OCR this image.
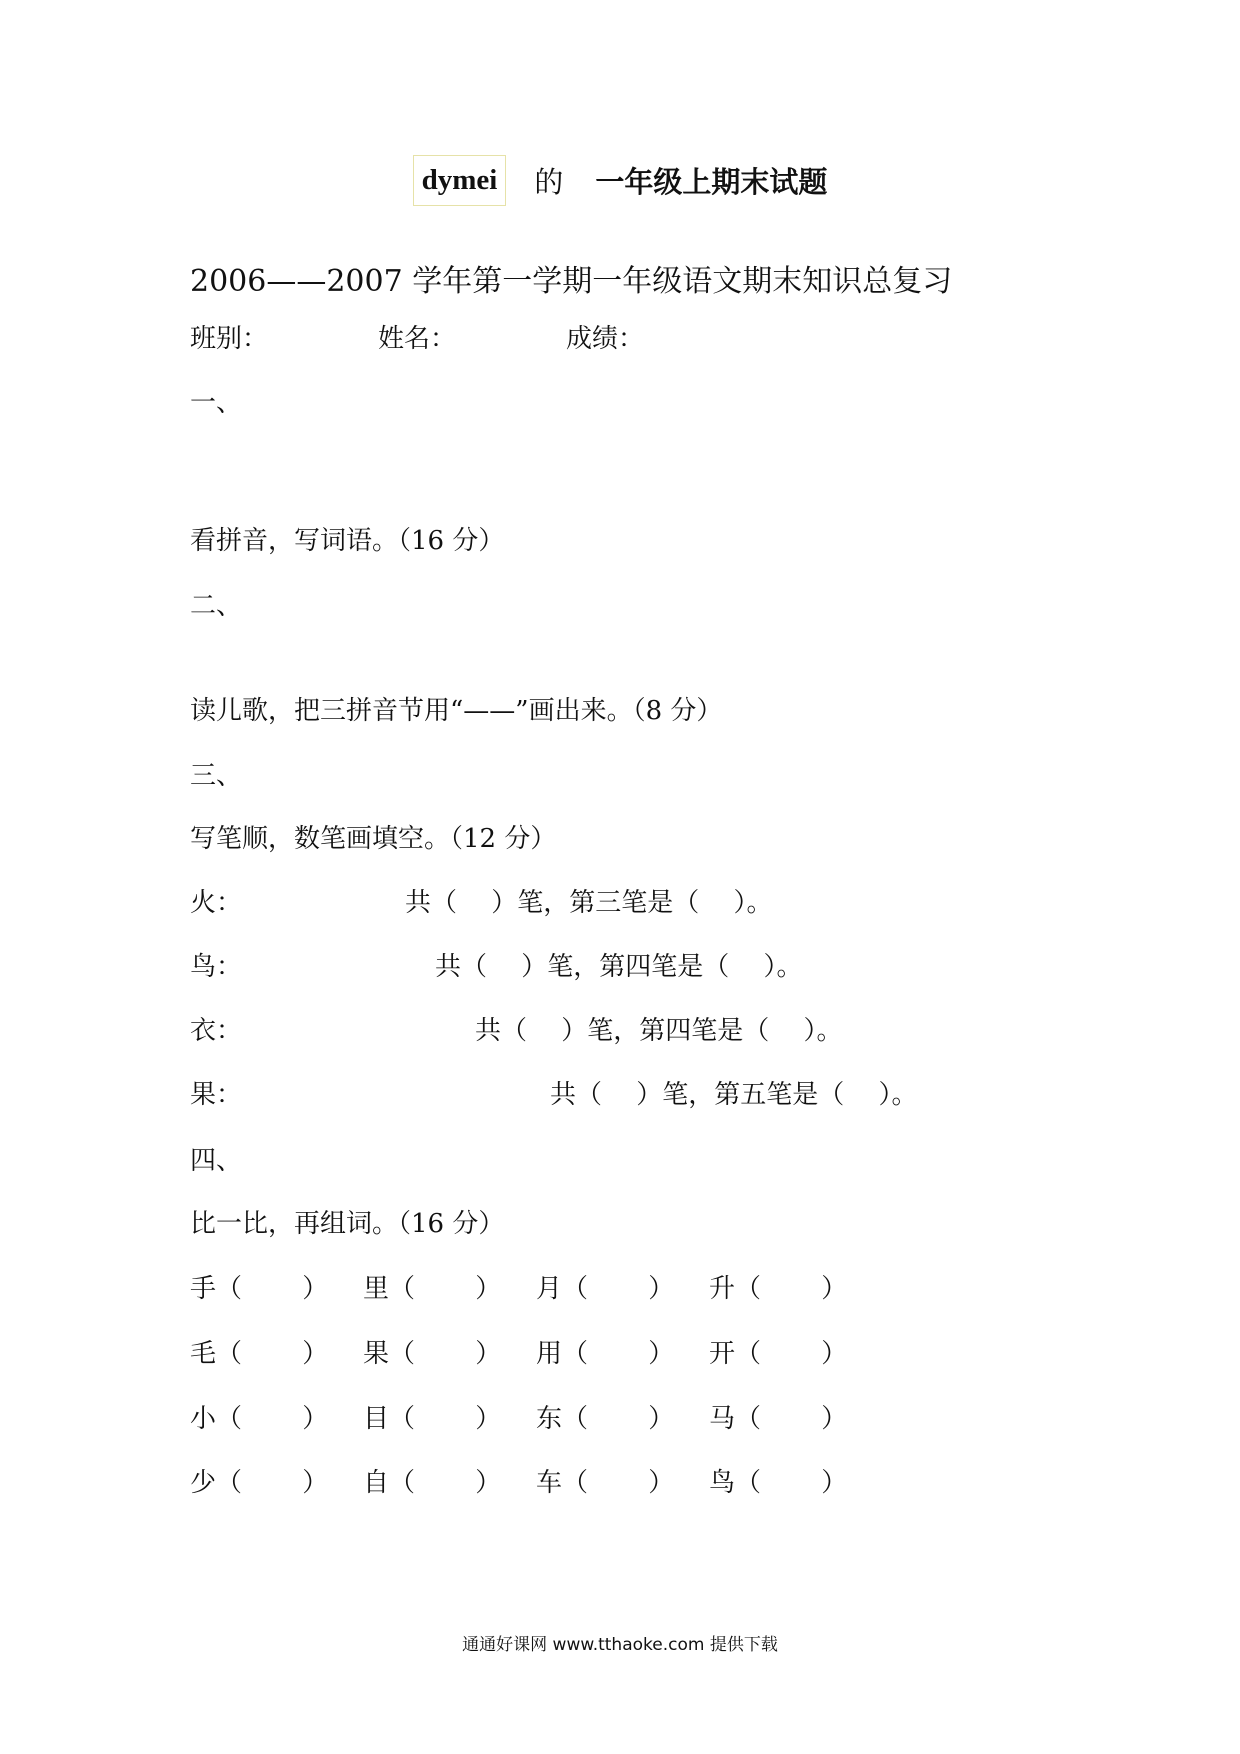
dymei	的 一年级上期末试题
2006——2007 学年第一学期一年级语文期末知识总复习
班别：	姓名：	成绩：
一、
看拼音，写词语。（16 分）
二、
读儿歌，把三拼音节用“——”画出来。（8 分）
三、
写笔顺，数笔画填空。（12 分）
火：	共（　 ）笔，第三笔是（　 ）。
鸟：	共（　 ）笔，第四笔是（　 ）。
衣：	共（　 ）笔，第四笔是（　 ）。
果：	共（　 ）笔，第五笔是（　 ）。
四、
比一比，再组词。（16 分）
手（　　 ） 里（　　 ） 月（　　 ） 升（　　 ）
毛（　　 ） 果（　　 ） 用（　　 ） 开（　　 ）
小（　　 ） 目（　　 ） 东（　　 ） 马（　　 ）
少（　　 ） 自（　　 ） 车（　　 ） 鸟（　　 ）
通通好课网 www.tthaoke.com 提供下载
